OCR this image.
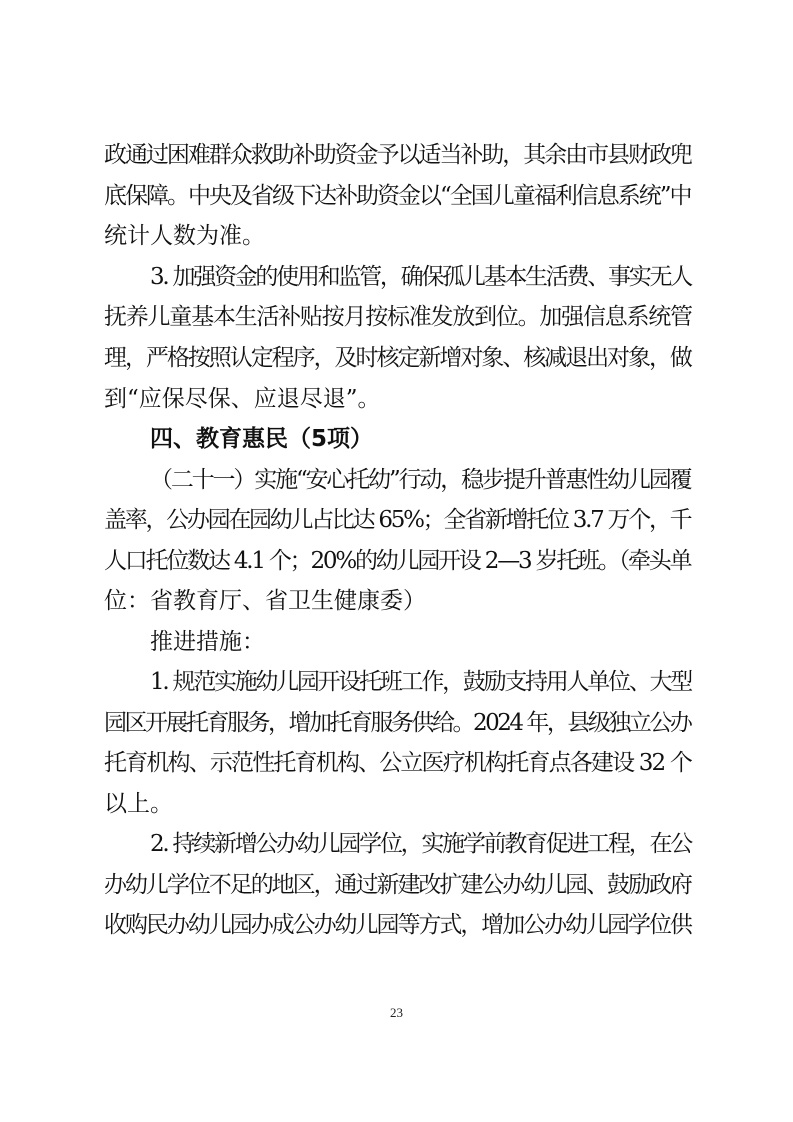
政通过困难群众救助补助资金予以适当补助，其余由市县财政兜
底保障。中央及省级下达补助资金以“全国儿童福利信息系统”中
统计人数为准。
3. 加强资金的使用和监管，确保孤儿基本生活费、事实无人
抚养儿童基本生活补贴按月按标准发放到位。加强信息系统管
理，严格按照认定程序，及时核定新增对象、核减退出对象，做
到“应保尽保、应退尽退”。
四、教育惠民（5项）
（二十一）实施“安心托幼”行动，稳步提升普惠性幼儿园覆
盖率，公办园在园幼儿占比达 65%；全省新增托位 3.7 万个，千
人口托位数达 4.1 个；20%的幼儿园开设 2—3 岁托班。（牵头单
位：省教育厅、省卫生健康委）
推进措施：
1. 规范实施幼儿园开设托班工作，鼓励支持用人单位、大型
园区开展托育服务，增加托育服务供给。2024 年，县级独立公办
托育机构、示范性托育机构、公立医疗机构托育点各建设 32 个
以上。
2. 持续新增公办幼儿园学位，实施学前教育促进工程，在公
办幼儿学位不足的地区，通过新建改扩建公办幼儿园、鼓励政府
收购民办幼儿园办成公办幼儿园等方式，增加公办幼儿园学位供
23
